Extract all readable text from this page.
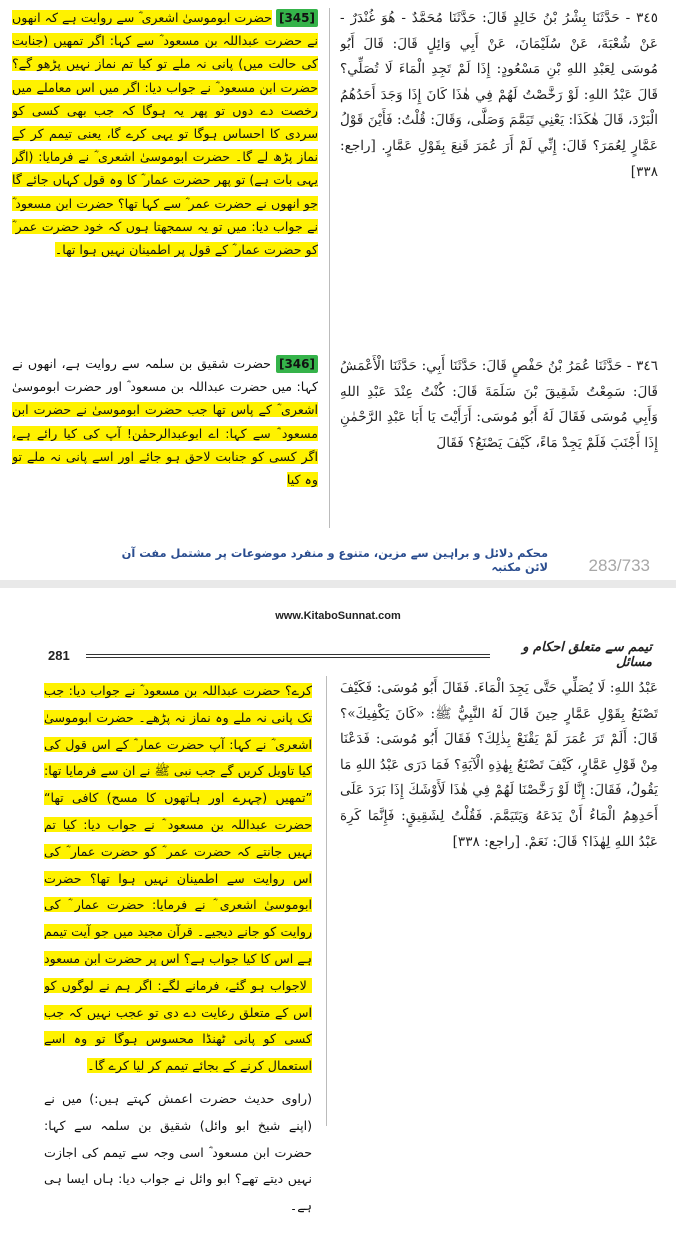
٣٤٥ - حَدَّثَنَا بِشْرُ بْنُ خَالِدٍ قَالَ: حَدَّثَنَا مُحَمَّدٌ - هُوَ غُنْدَرٌ - عَنْ شُعْبَةَ، عَنْ سُلَيْمَانَ، عَنْ أَبِي وَائِلٍ قَالَ: قَالَ أَبُو مُوسَى لِعَبْدِ اللهِ بْنِ مَسْعُودٍ: إِذَا لَمْ تَجِدِ الْمَاءَ لَا تُصَلِّي؟ قَالَ عَبْدُ اللهِ: لَوْ رَخَّصْتُ لَهُمْ فِي هٰذَا كَانَ إِذَا وَجَدَ أَحَدُهُمُ الْبَرْدَ، قَالَ هٰكَذَا: يَعْنِي تَيَمَّمَ وَصَلَّى، وَقَالَ: قُلْتُ: فَأَيْنَ قَوْلُ عَمَّارٍ لِعُمَرَ؟ قَالَ: إِنِّي لَمْ أَرَ عُمَرَ قَنِعَ بِقَوْلِ عَمَّارٍ. [راجع: ٣٣٨]

[345] حضرت ابوموسیٰ اشعری ؓ سے روایت ہے کہ انھوں نے حضرت عبداللہ بن مسعود ؓ سے کہا: اگر تمھیں (جنابت کی حالت میں) پانی نہ ملے تو کیا تم نماز نہیں پڑھو گے؟ حضرت ابن مسعود ؓ نے جواب دیا: اگر میں اس معاملے میں رخصت دے دوں تو پھر یہ ہوگا کہ جب بھی کسی کو سردی کا احساس ہوگا تو یہی کرے گا، یعنی تیمم کر کے نماز پڑھ لے گا۔ حضرت ابوموسیٰ اشعری ؓ نے فرمایا: (اگر یہی بات ہے) تو پھر حضرت عمار ؓ کا وہ قول کہاں جائے گا جو انھوں نے حضرت عمر ؓ سے کہا تھا؟ حضرت ابن مسعود ؓ نے جواب دیا: میں تو یہ سمجھتا ہوں کہ خود حضرت عمر ؓ کو حضرت عمار ؓ کے قول پر اطمینان نہیں ہوا تھا۔

٣٤٦ - حَدَّثَنَا عُمَرُ بْنُ حَفْصٍ قَالَ: حَدَّثَنَا أَبِي: حَدَّثَنَا الْأَعْمَشُ قَالَ: سَمِعْتُ شَقِيقَ بْنَ سَلَمَةَ قَالَ: كُنْتُ عِنْدَ عَبْدِ اللهِ وَأَبِي مُوسَى فَقَالَ لَهُ أَبُو مُوسَى: أَرَأَيْتَ يَا أَبَا عَبْدِ الرَّحْمٰنِ إِذَا أَجْنَبَ فَلَمْ يَجِدْ مَاءً، كَيْفَ يَصْنَعُ؟ فَقَالَ

[346] حضرت شقیق بن سلمہ سے روایت ہے، انھوں نے کہا: میں حضرت عبداللہ بن مسعود ؓ اور حضرت ابوموسیٰ اشعری ؓ کے پاس تھا جب حضرت ابوموسیٰ نے حضرت ابن مسعود ؓ سے کہا: اے ابوعبدالرحمٰن! آپ کی کیا رائے ہے، اگر کسی کو جنابت لاحق ہو جائے اور اسے پانی نہ ملے تو وہ کیا

محکم دلائل و براہین سے مزین، متنوع و منفرد موضوعات پر مشتمل مفت آن لائن مکتبہ 283/733
www.KitaboSunnat.com
281
تیمم سے متعلق احکام و مسائل

عَبْدُ اللهِ: لَا يُصَلِّي حَتَّى يَجِدَ الْمَاءَ. فَقَالَ أَبُو مُوسَى: فَكَيْفَ تَصْنَعُ بِقَوْلِ عَمَّارٍ حِينَ قَالَ لَهُ النَّبِيُّ ﷺ: «كَانَ يَكْفِيكَ»؟ قَالَ: أَلَمْ تَرَ عُمَرَ لَمْ يَقْنَعْ بِذٰلِكَ؟ فَقَالَ أَبُو مُوسَى: فَدَعْنَا مِنْ قَوْلِ عَمَّارٍ، كَيْفَ تَصْنَعُ بِهٰذِهِ الْآيَةِ؟ فَمَا دَرَى عَبْدُ اللهِ مَا يَقُولُ، فَقَالَ: إِنَّا لَوْ رَخَّصْنَا لَهُمْ فِي هٰذَا لَأَوْشَكَ إِذَا بَرَدَ عَلَى أَحَدِهِمُ الْمَاءُ أَنْ يَدَعَهُ وَيَتَيَمَّمَ. فَقُلْتُ لِشَقِيقٍ: فَإِنَّمَا كَرِهَ عَبْدُ اللهِ لِهٰذَا؟ قَالَ: نَعَمْ. [راجع: ٣٣٨]

کرے؟ حضرت عبداللہ بن مسعود ؓ نے جواب دیا: جب تک پانی نہ ملے وہ نماز نہ پڑھے۔ حضرت ابوموسیٰ اشعری ؓ نے کہا: آپ حضرت عمار ؓ کے اس قول کی کیا تاویل کریں گے جب نبی ﷺ نے ان سے فرمایا تھا: ”تمھیں (چہرے اور ہاتھوں کا مسح) کافی تھا“ حضرت عبداللہ بن مسعود ؓ نے جواب دیا: کیا تم نہیں جانتے کہ حضرت عمر ؓ کو حضرت عمار ؓ کی اس روایت سے اطمینان نہیں ہوا تھا؟ حضرت ابوموسیٰ اشعری ؓ نے فرمایا: حضرت عمار ؓ کی روایت کو جانے دیجیے۔ قرآن مجید میں جو آیت تیمم ہے اس کا کیا جواب ہے؟ اس پر حضرت ابن مسعود ؓ لاجواب ہو گئے، فرمانے لگے: اگر ہم نے لوگوں کو اس کے متعلق رعایت دے دی تو عجب نہیں کہ جب کسی کو پانی ٹھنڈا محسوس ہوگا تو وہ اسے استعمال کرنے کے بجائے تیمم کر لیا کرے گا۔

(راوی حدیث حضرت اعمش کہتے ہیں:) میں نے (اپنے شیخ ابو وائل) شقیق بن سلمہ سے کہا: حضرت ابن مسعود ؓ اسی وجہ سے تیمم کی اجازت نہیں دیتے تھے؟ ابو وائل نے جواب دیا: ہاں ایسا ہی ہے۔
